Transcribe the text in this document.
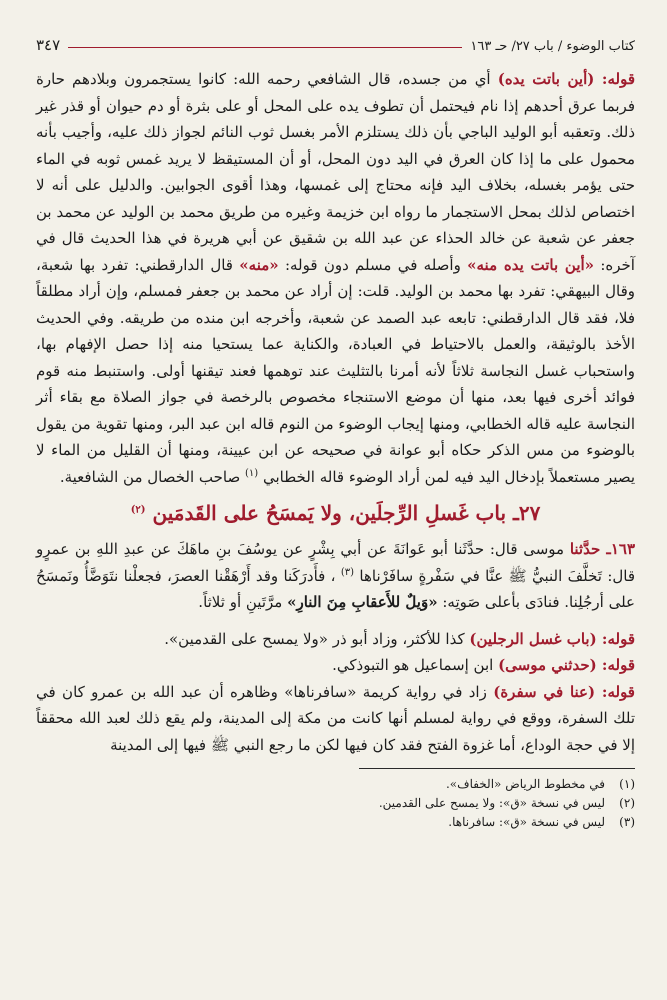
كتاب الوضوء / باب ٢٧/ حـ ١٦٣
٣٤٧

قوله: (أين باتت يده) أي من جسده، قال الشافعي رحمه الله: كانوا يستجمرون وبلادهم حارة فربما عرق أحدهم إذا نام فيحتمل أن تطوف يده على المحل أو على بثرة أو دم حيوان أو قذر غير ذلك. وتعقبه أبو الوليد الباجي بأن ذلك يستلزم الأمر بغسل ثوب النائم لجواز ذلك عليه، وأجيب بأنه محمول على ما إذا كان العرق في اليد دون المحل، أو أن المستيقظ لا يريد غمس ثوبه في الماء حتى يؤمر بغسله، بخلاف اليد فإنه محتاج إلى غمسها، وهذا أقوى الجوابين. والدليل على أنه لا اختصاص لذلك بمحل الاستجمار ما رواه ابن خزيمة وغيره من طريق محمد بن الوليد عن محمد بن جعفر عن شعبة عن خالد الحذاء عن عبد الله بن شقيق عن أبي هريرة في هذا الحديث قال في آخره: «أين باتت يده منه» وأصله في مسلم دون قوله: «منه» قال الدارقطني: تفرد بها شعبة، وقال البيهقي: تفرد بها محمد بن الوليد. قلت: إن أراد عن محمد بن جعفر فمسلم، وإن أراد مطلقاً فلا، فقد قال الدارقطني: تابعه عبد الصمد عن شعبة، وأخرجه ابن منده من طريقه. وفي الحديث الأخذ بالوثيقة، والعمل بالاحتياط في العبادة، والكناية عما يستحيا منه إذا حصل الإفهام بها، واستحباب غسل النجاسة ثلاثاً لأنه أمرنا بالتثليث عند توهمها فعند تيقنها أولى. واستنبط منه قوم فوائد أخرى فيها بعد، منها أن موضع الاستنجاء مخصوص بالرخصة في جواز الصلاة مع بقاء أثر النجاسة عليه قاله الخطابي، ومنها إيجاب الوضوء من النوم قاله ابن عبد البر، ومنها تقوية من يقول بالوضوء من مس الذكر حكاه أبو عوانة في صحيحه عن ابن عيينة، ومنها أن القليل من الماء لا يصير مستعملاً بإدخال اليد فيه لمن أراد الوضوء قاله الخطابي $^{(١)}$ صاحب الخصال من الشافعية.

٢٧ـ باب غَسلِ الرِّجلَين، ولا يَمسَحُ على القَدمَين $^{(٢)}$

١٦٣ـ حدَّثنا موسى قال: حدَّثَنا أبو عَوانَةَ عن أبي بِشْرٍ عن يوسُفَ بنِ ماهَكَ عن عبدِ اللهِ بن عمرٍو قال: تَخلَّفَ النبيُّ ﷺ عنَّا في سَفْرةٍ سافَرْناها $^{(٣)}$ ، فأَدرَكَنا وقد أَرْهَقْنا العصرَ، فجعلْنا نتَوَضَّأُ ونَمسَحُ على أرجُلِنا. فنادَى بأعلى صَوتِه: «وَيلٌ للأَعقابِ مِنَ النارِ» مرَّتَينِ أو ثلاثاً.

قوله: (باب غسل الرجلين) كذا للأكثر، وزاد أبو ذر «ولا يمسح على القدمين».

قوله: (حدثني موسى) ابن إسماعيل هو التبوذكي.

قوله: (عنا في سفرة) زاد في رواية كريمة «سافرناها» وظاهره أن عبد الله بن عمرو كان في تلك السفرة، ووقع في رواية لمسلم أنها كانت من مكة إلى المدينة، ولم يقع ذلك لعبد الله محققاً إلا في حجة الوداع، أما غزوة الفتح فقد كان فيها لكن ما رجع النبي ﷺ فيها إلى المدينة

(١)
في مخطوط الرياض «الخفاف».
(٢)
ليس في نسخة «ق»: ولا يمسح على القدمين.
(٣)
ليس في نسخة «ق»: سافرناها.
